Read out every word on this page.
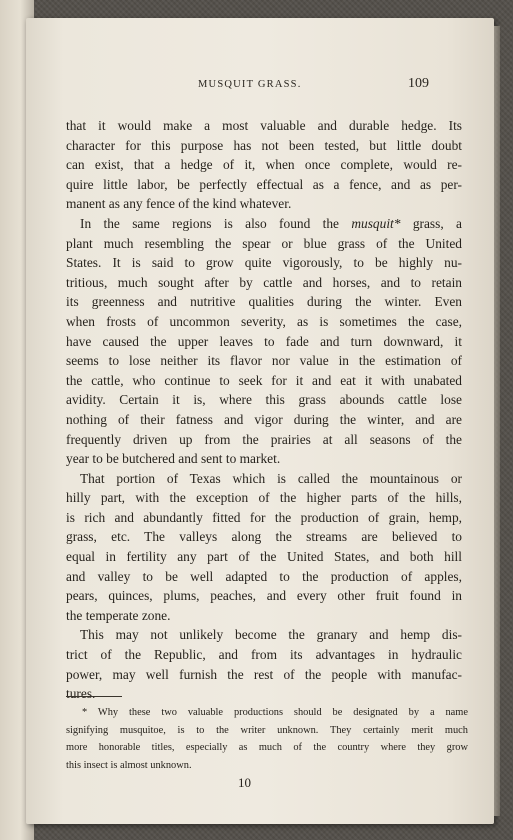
MUSQUIT GRASS.	109
that it would make a most valuable and durable hedge. Its
character for this purpose has not been tested, but little doubt
can exist, that a hedge of it, when once complete, would re-
quire little labor, be perfectly effectual as a fence, and as per-
manent as any fence of the kind whatever.
In the same regions is also found the musquit* grass, a
plant much resembling the spear or blue grass of the United
States. It is said to grow quite vigorously, to be highly nu-
tritious, much sought after by cattle and horses, and to retain
its greenness and nutritive qualities during the winter. Even
when frosts of uncommon severity, as is sometimes the case,
have caused the upper leaves to fade and turn downward, it
seems to lose neither its flavor nor value in the estimation of
the cattle, who continue to seek for it and eat it with unabated
avidity. Certain it is, where this grass abounds cattle lose
nothing of their fatness and vigor during the winter, and are
frequently driven up from the prairies at all seasons of the
year to be butchered and sent to market.
That portion of Texas which is called the mountainous or
hilly part, with the exception of the higher parts of the hills,
is rich and abundantly fitted for the production of grain, hemp,
grass, etc. The valleys along the streams are believed to
equal in fertility any part of the United States, and both hill
and valley to be well adapted to the production of apples,
pears, quinces, plums, peaches, and every other fruit found in
the temperate zone.
This may not unlikely become the granary and hemp dis-
trict of the Republic, and from its advantages in hydraulic
power, may well furnish the rest of the people with manufac-
tures.
* Why these two valuable productions should be designated by a name
signifying musquitoe, is to the writer unknown. They certainly merit much
more honorable titles, especially as much of the country where they grow
this insect is almost unknown.
10
